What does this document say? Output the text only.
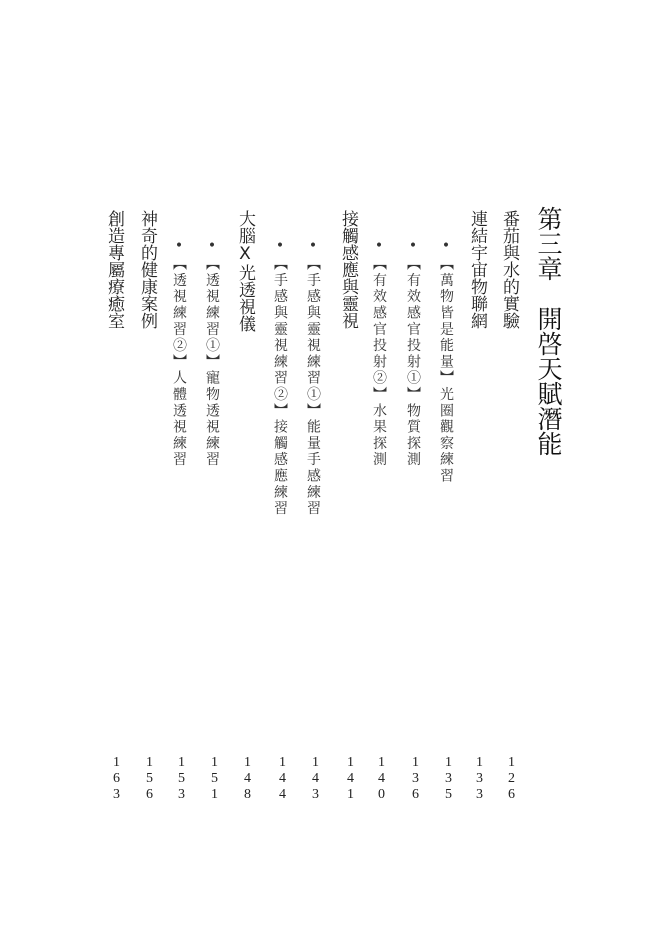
第三章　開啓天賦潛能
番茄與水的實驗
126
連結宇宙物聯網
133
•【萬物皆是能量】光圈觀察練習
135
•【有效感官投射①】物質探測
136
•【有效感官投射②】水果探測
140
接觸感應與靈視
141
•【手感與靈視練習①】能量手感練習
143
•【手感與靈視練習②】接觸感應練習
144
大腦X光透視儀
148
•【透視練習①】寵物透視練習
151
•【透視練習②】人體透視練習
153
神奇的健康案例
156
創造專屬療癒室
163
